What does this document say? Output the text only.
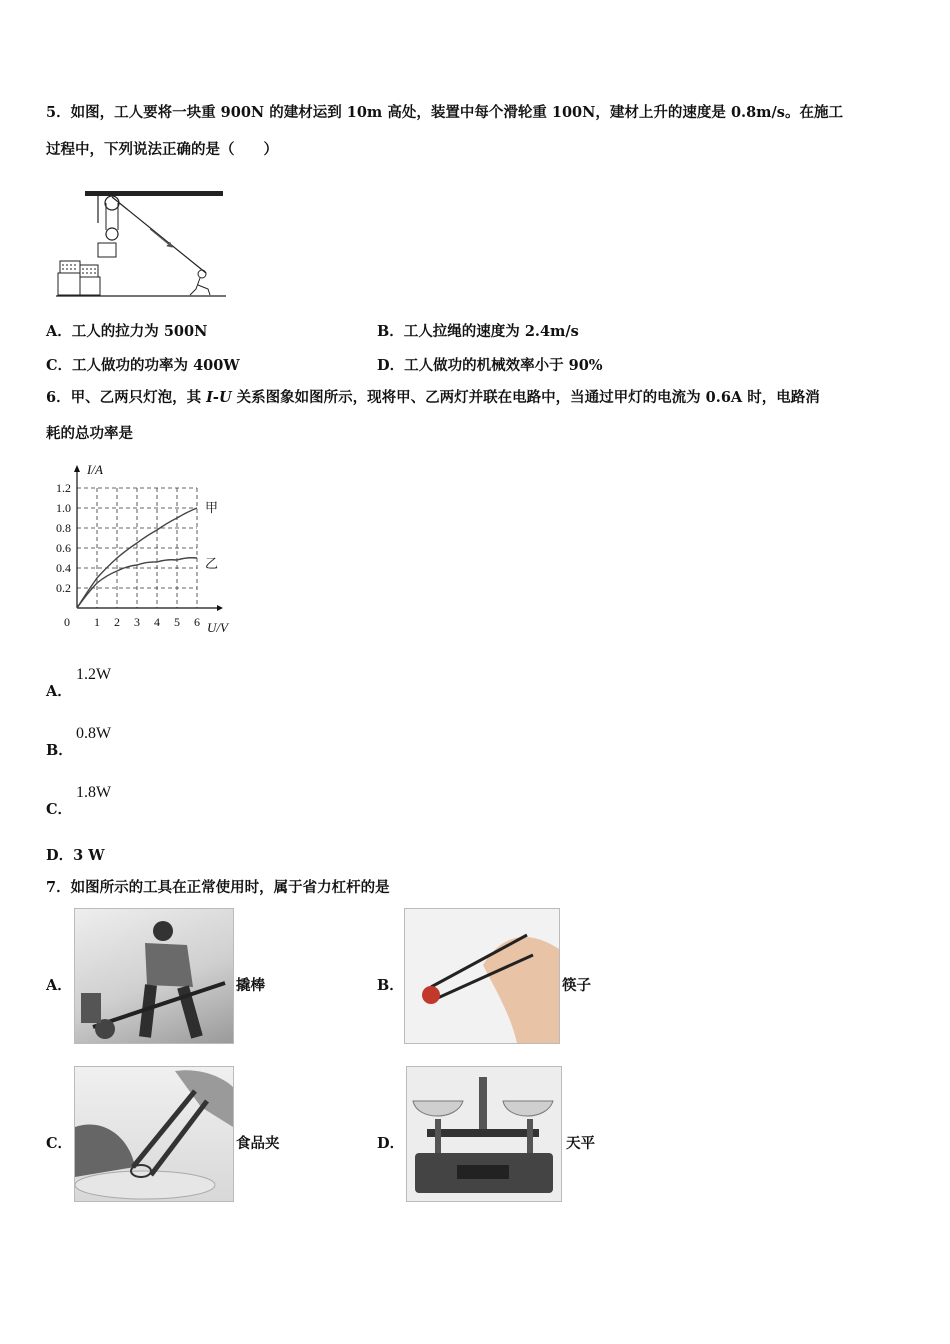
5．如图，工人要将一块重 900N 的建材运到 10m 高处，装置中每个滑轮重 100N，建材上升的速度是 0.8m/s。在施工
过程中，下列说法正确的是（　　）
A．工人的拉力为 500N	B．工人拉绳的速度为 2.4m/s
C．工人做功的功率为 400W	D．工人做功的机械效率小于 90%
6．甲、乙两只灯泡，其 I-U 关系图象如图所示，现将甲、乙两灯并联在电路中，当通过甲灯的电流为 0.6A 时，电路消
耗的总功率是
0 1 2 3 4 5 6
0.2
0.4
0.6
0.8
1.0
1.2
I/A
U/V
甲
乙
A．
1.2W
B．
0.8W
C．
1.8W
D．3 W
7．如图所示的工具在正常使用时，属于省力杠杆的是
A．	撬棒	B．	筷子
C．	食品夹	D．	天平
